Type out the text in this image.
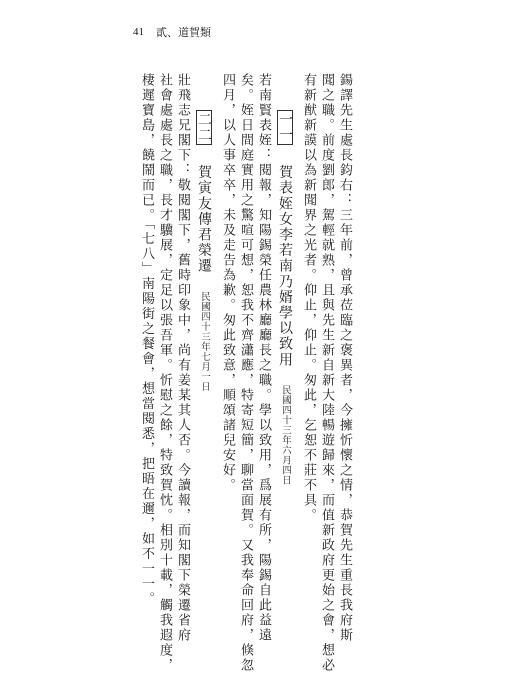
41 貳、道賀類
鍚譯先生處長鈞右：三年前，曾承莅臨之褒異者，今擁忻懷之情，恭賀先生重長我府斯
聞之職。前度劉郎，駕輕就熟，且與先生新自新大陸暢遊歸來，而值新政府更始之會，想必
有新猷新謨以為新聞界之光者。仰止，仰止。匆此，乞恕不莊不具。
一一 賀表姪女李若南乃婿學以致用 民國四十三年六月四日
若南賢表姪：閱報，知陽錫榮任農林廳廳長之職。學以致用，爲展有所，陽錫自此益遠
矣。姪日間庭實用之驚喧可想，恕我不齊瀟應，特寄短簡，聊當面賀。又我奉命回府，倏忽
四月，以人事卒卒，未及走告為歉。匆此致意，順頌諸兒安好。
二二 賀寅友傳君榮遷 民國四十三年七月一日
壯飛志兄閣下：敬閱閣下，舊時印象中，尚有姜某其人否。今讀報，而知閣下榮遷省府
社會處處長之職，長才驥展，定足以張吾軍。忻慰之餘，特致賀忱。相別十載，觸我遐度，
棲遲寶島，饒鬧而已。「七八」南陽街之餐會，想當閱悉，把晤在邇，如不一一。
